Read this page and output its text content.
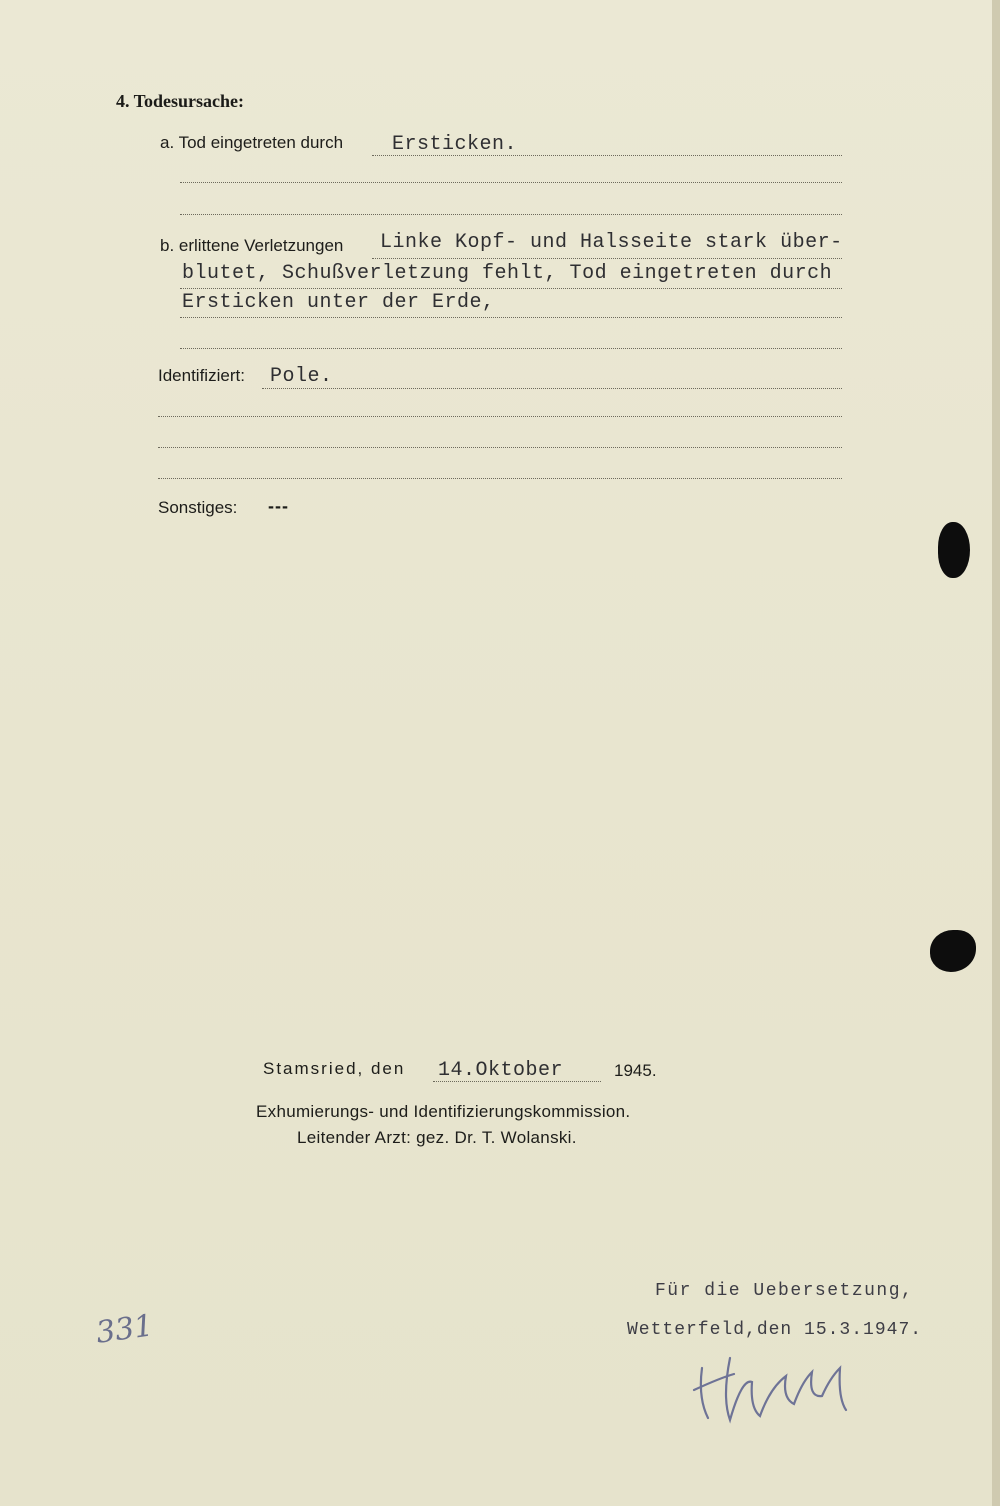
4. Todesursache:
a. Tod eingetreten durch Ersticken.
b. erlittene Verletzungen Linke Kopf- und Halsseite stark über-
blutet, Schußverletzung fehlt, Tod eingetreten durch
Ersticken unter der Erde,
Identifiziert: Pole.
Sonstiges: ---
Stamsried, den 14.Oktober	1945.
Exhumierungs- und Identifizierungskommission.
Leitender Arzt: gez. Dr. T. Wolanski.
Für die Uebersetzung,
Wetterfeld,den 15.3.1947.
331
